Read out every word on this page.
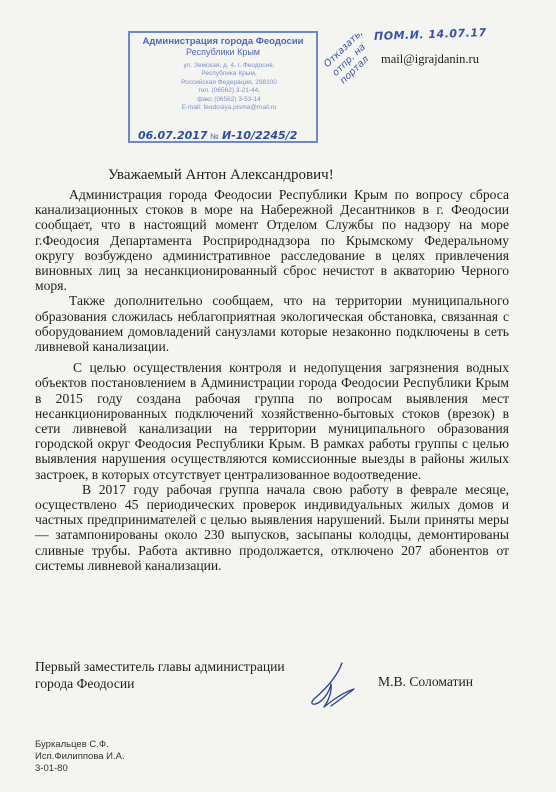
Администрация города Феодосии
Республики Крым
ул. Земская, д. 4, г. Феодосия,
Республика Крым,
Российская Федерация, 298100
тел. (06562) 3-21-44,
факс (06562) 3-53-14
E-mail: feodosiya.pisma@mail.ru
06.07.2017 № И-10/2245/2
Отказать,
отпр. на
портал
ПОМ.И. 14.07.17
mail@igrajdanin.ru
Уважаемый Антон Александрович!

Администрация города Феодосии Республики Крым по вопросу сброса канализационных стоков в море на Набережной Десантников в г. Феодосии сообщает, что в настоящий момент Отделом Службы по надзору на море г.Феодосия Департамента Росприроднадзора по Крымскому Федеральному округу возбуждено административное расследование в целях привлечения виновных лиц за несанкционированный сброс нечистот в акваторию Черного моря.

Также дополнительно сообщаем, что на территории муниципального образования сложилась неблагоприятная экологическая обстановка, связанная с оборудованием домовладений санузлами которые незаконно подключены в сеть ливневой канализации.

С целью осуществления контроля и недопущения загрязнения водных объектов постановлением в Администрации города Феодосии Республики Крым в 2015 году создана рабочая группа по вопросам выявления мест несанкционированных подключений хозяйственно-бытовых стоков (врезок) в сети ливневой канализации на территории муниципального образования городской округ Феодосия Республики Крым. В рамках работы группы с целью выявления нарушения осуществляются комиссионные выезды в районы жилых застроек, в которых отсутствует централизованное водоотведение.

В 2017 году рабочая группа начала свою работу в феврале месяце, осуществлено 45 периодических проверок индивидуальных жилых домов и частных предпринимателей с целью выявления нарушений. Были приняты меры — затампонированы около 230 выпусков, засыпаны колодцы, демонтированы сливные трубы. Работа активно продолжается, отключено 207 абонентов от системы ливневой канализации.

Первый заместитель главы администрации
города Феодосии	М.В. Соломатин
Буркальцев С.Ф.
Исп.Филиппова И.А.
3-01-80
